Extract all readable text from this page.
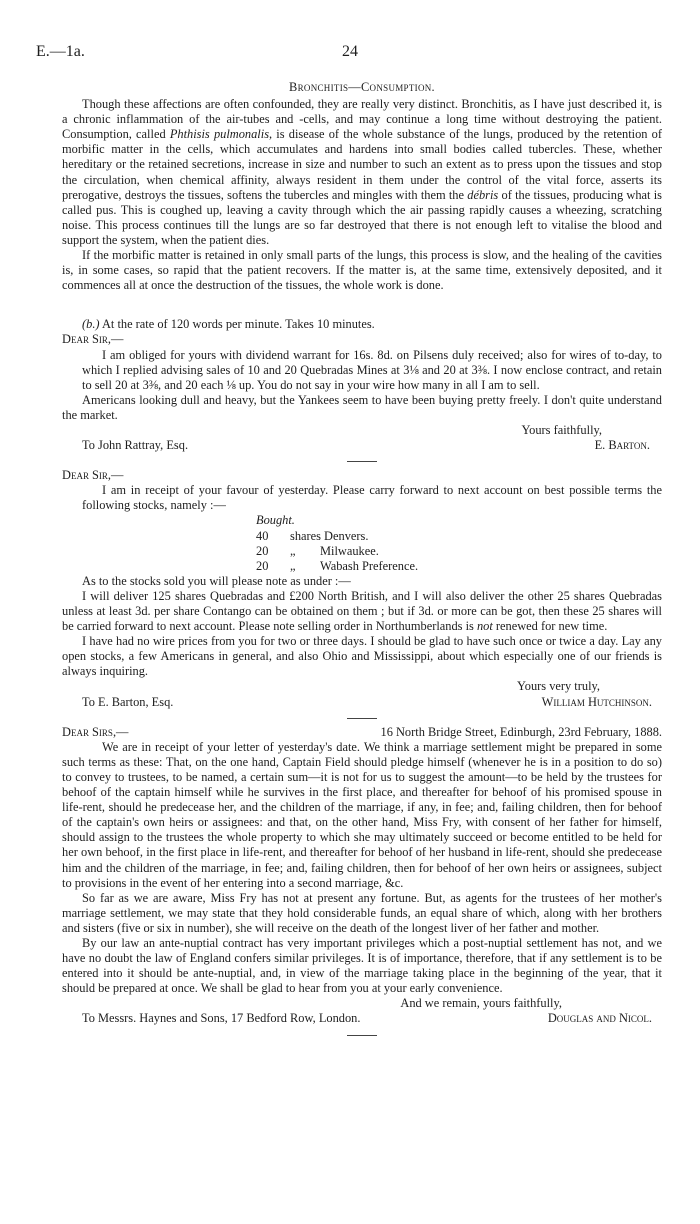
E.—1a.	24
Bronchitis—Consumption.

Though these affections are often confounded, they are really very distinct. Bronchitis, as I have just described it, is a chronic inflammation of the air-tubes and -cells, and may continue a long time without destroying the patient. Consumption, called Phthisis pulmonalis, is disease of the whole substance of the lungs, produced by the retention of morbific matter in the cells, which accumulates and hardens into small bodies called tubercles. These, whether hereditary or the retained secretions, increase in size and number to such an extent as to press upon the tissues and stop the circulation, when chemical affinity, always resident in them under the control of the vital force, asserts its prerogative, destroys the tissues, softens the tubercles and mingles with them the débris of the tissues, producing what is called pus. This is coughed up, leaving a cavity through which the air passing rapidly causes a wheezing, scratching noise. This process continues till the lungs are so far destroyed that there is not enough left to vitalise the blood and support the system, when the patient dies.

If the morbific matter is retained in only small parts of the lungs, this process is slow, and the healing of the cavities is, in some cases, so rapid that the patient recovers. If the matter is, at the same time, extensively deposited, and it commences all at once the destruction of the tissues, the whole work is done.

(b.) At the rate of 120 words per minute. Takes 10 minutes.

Dear Sir,—

I am obliged for yours with dividend warrant for 16s. 8d. on Pilsens duly received; also for wires of to-day, to which I replied advising sales of 10 and 20 Quebradas Mines at 3⅛ and 20 at 3⅜. I now enclose contract, and retain to sell 20 at 3⅜, and 20 each ⅛ up. You do not say in your wire how many in all I am to sell.

Americans looking dull and heavy, but the Yankees seem to have been buying pretty freely. I don't quite understand the market.

Yours faithfully,
To John Rattray, Esq.	E. Barton.
Dear Sir,—

I am in receipt of your favour of yesterday. Please carry forward to next account on best possible terms the following stocks, namely :—

Bought.
40	shares Denvers.
20	„	Milwaukee.
20	„	Wabash Preference.

As to the stocks sold you will please note as under :—

I will deliver 125 shares Quebradas and £200 North British, and I will also deliver the other 25 shares Quebradas unless at least 3d. per share Contango can be obtained on them ; but if 3d. or more can be got, then these 25 shares will be carried forward to next account. Please note selling order in Northumberlands is not renewed for new time.

I have had no wire prices from you for two or three days. I should be glad to have such once or twice a day. Lay any open stocks, a few Americans in general, and also Ohio and Mississippi, about which especially one of our friends is always inquiring.

Yours very truly,
To E. Barton, Esq.	William Hutchinson.
Dear Sirs,—	16 North Bridge Street, Edinburgh, 23rd February, 1888.

We are in receipt of your letter of yesterday's date. We think a marriage settlement might be prepared in some such terms as these: That, on the one hand, Captain Field should pledge himself (whenever he is in a position to do so) to convey to trustees, to be named, a certain sum—it is not for us to suggest the amount—to be held by the trustees for behoof of the captain himself while he survives in the first place, and thereafter for behoof of his promised spouse in life-rent, should he predecease her, and the children of the marriage, if any, in fee; and, failing children, then for behoof of the captain's own heirs or assignees: and that, on the other hand, Miss Fry, with consent of her father for himself, should assign to the trustees the whole property to which she may ultimately succeed or become entitled to be held for her own behoof, in the first place in life-rent, and thereafter for behoof of her husband in life-rent, should she predecease him and the children of the marriage, in fee; and, failing children, then for behoof of her own heirs or assignees, subject to provisions in the event of her entering into a second marriage, &c.

So far as we are aware, Miss Fry has not at present any fortune. But, as agents for the trustees of her mother's marriage settlement, we may state that they hold considerable funds, an equal share of which, along with her brothers and sisters (five or six in number), she will receive on the death of the longest liver of her father and mother.

By our law an ante-nuptial contract has very important privileges which a post-nuptial settlement has not, and we have no doubt the law of England confers similar privileges. It is of importance, therefore, that if any settlement is to be entered into it should be ante-nuptial, and, in view of the marriage taking place in the beginning of the year, that it should be prepared at once. We shall be glad to hear from you at your early convenience.

And we remain, yours faithfully,
To Messrs. Haynes and Sons, 17 Bedford Row, London.	Douglas and Nicol.
